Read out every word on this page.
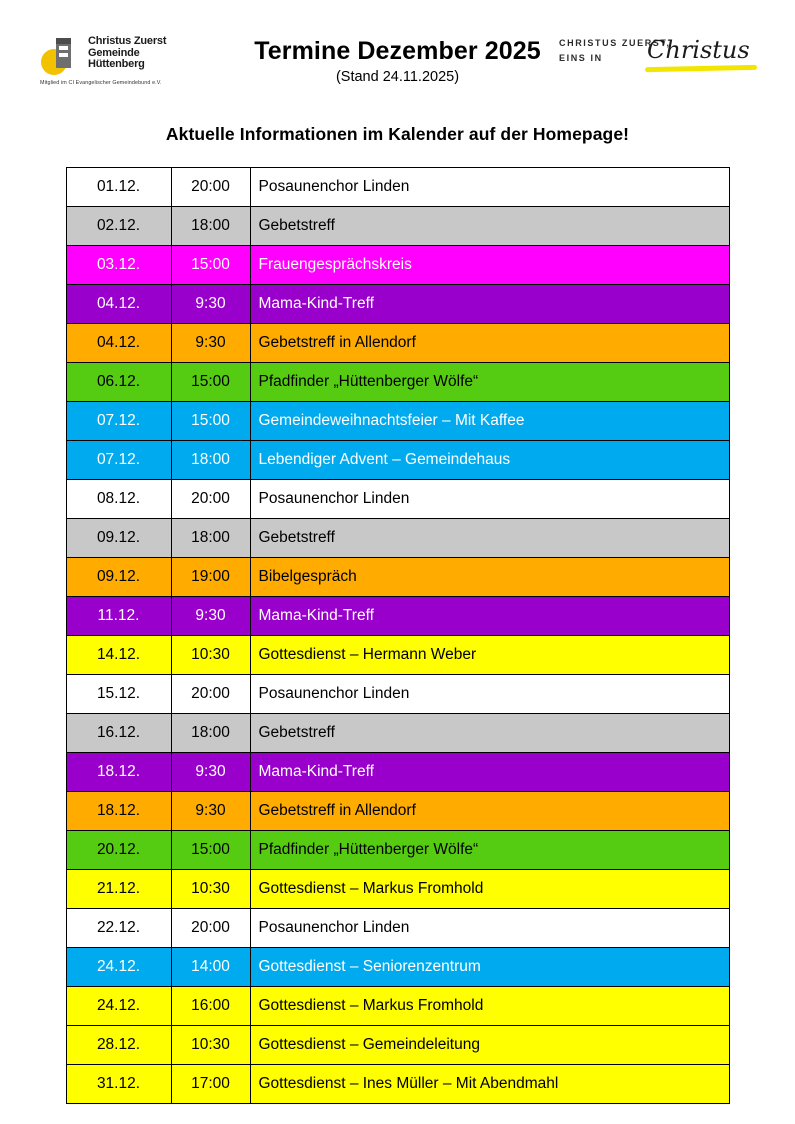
Christus Zuerst
Gemeinde
Hüttenberg
Mitglied im CI Evangelischer Gemeindebund e.V.
Termine Dezember 2025
(Stand 24.11.2025)
CHRISTUS ZUERST,
EINS IN Christus
Aktuelle Informationen im Kalender auf der Homepage!
01.12.	20:00	Posaunenchor Linden
02.12.	18:00	Gebetstreff
03.12.	15:00	Frauengesprächskreis
04.12.	9:30	Mama-Kind-Treff
04.12.	9:30	Gebetstreff in Allendorf
06.12.	15:00	Pfadfinder „Hüttenberger Wölfe“
07.12.	15:00	Gemeindeweihnachtsfeier – Mit Kaffee
07.12.	18:00	Lebendiger Advent – Gemeindehaus
08.12.	20:00	Posaunenchor Linden
09.12.	18:00	Gebetstreff
09.12.	19:00	Bibelgespräch
11.12.	9:30	Mama-Kind-Treff
14.12.	10:30	Gottesdienst – Hermann Weber
15.12.	20:00	Posaunenchor Linden
16.12.	18:00	Gebetstreff
18.12.	9:30	Mama-Kind-Treff
18.12.	9:30	Gebetstreff in Allendorf
20.12.	15:00	Pfadfinder „Hüttenberger Wölfe“
21.12.	10:30	Gottesdienst – Markus Fromhold
22.12.	20:00	Posaunenchor Linden
24.12.	14:00	Gottesdienst – Seniorenzentrum
24.12.	16:00	Gottesdienst – Markus Fromhold
28.12.	10:30	Gottesdienst – Gemeindeleitung
31.12.	17:00	Gottesdienst – Ines Müller – Mit Abendmahl
